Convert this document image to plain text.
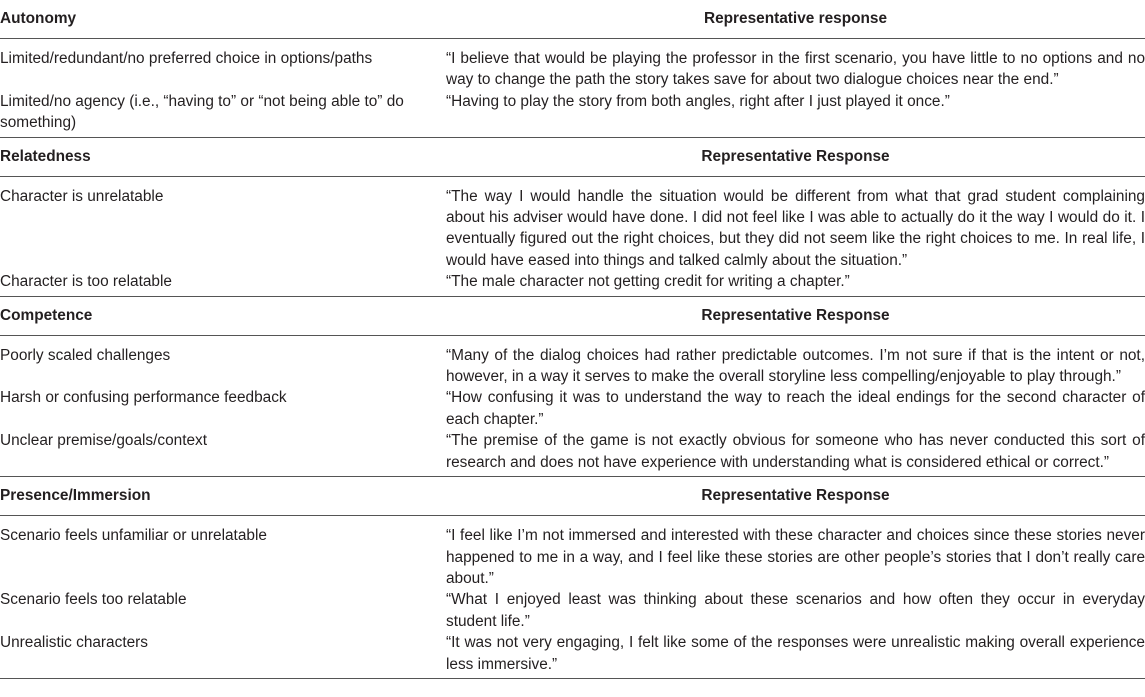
Autonomy	Representative response
Limited/redundant/no preferred choice in options/paths	“I believe that would be playing the professor in the first scenario, you have little to no options and no way to change the path the story takes save for about two dialogue choices near the end.”
Limited/no agency (i.e., “having to” or “not being able to” do something)	“Having to play the story from both angles, right after I just played it once.”
Relatedness	Representative Response
Character is unrelatable	“The way I would handle the situation would be different from what that grad student complaining about his adviser would have done. I did not feel like I was able to actually do it the way I would do it. I eventually figured out the right choices, but they did not seem like the right choices to me. In real life, I would have eased into things and talked calmly about the situation.”
Character is too relatable	“The male character not getting credit for writing a chapter.”
Competence	Representative Response
Poorly scaled challenges	“Many of the dialog choices had rather predictable outcomes. I’m not sure if that is the intent or not, however, in a way it serves to make the overall storyline less compelling/enjoyable to play through.”
Harsh or confusing performance feedback	“How confusing it was to understand the way to reach the ideal endings for the second character of each chapter.”
Unclear premise/goals/context	“The premise of the game is not exactly obvious for someone who has never conducted this sort of research and does not have experience with understanding what is considered ethical or correct.”
Presence/Immersion	Representative Response
Scenario feels unfamiliar or unrelatable	“I feel like I’m not immersed and interested with these character and choices since these stories never happened to me in a way, and I feel like these stories are other people’s stories that I don’t really care about.”
Scenario feels too relatable	“What I enjoyed least was thinking about these scenarios and how often they occur in everyday student life.”
Unrealistic characters	“It was not very engaging, I felt like some of the responses were unrealistic making overall experience less immersive.”
